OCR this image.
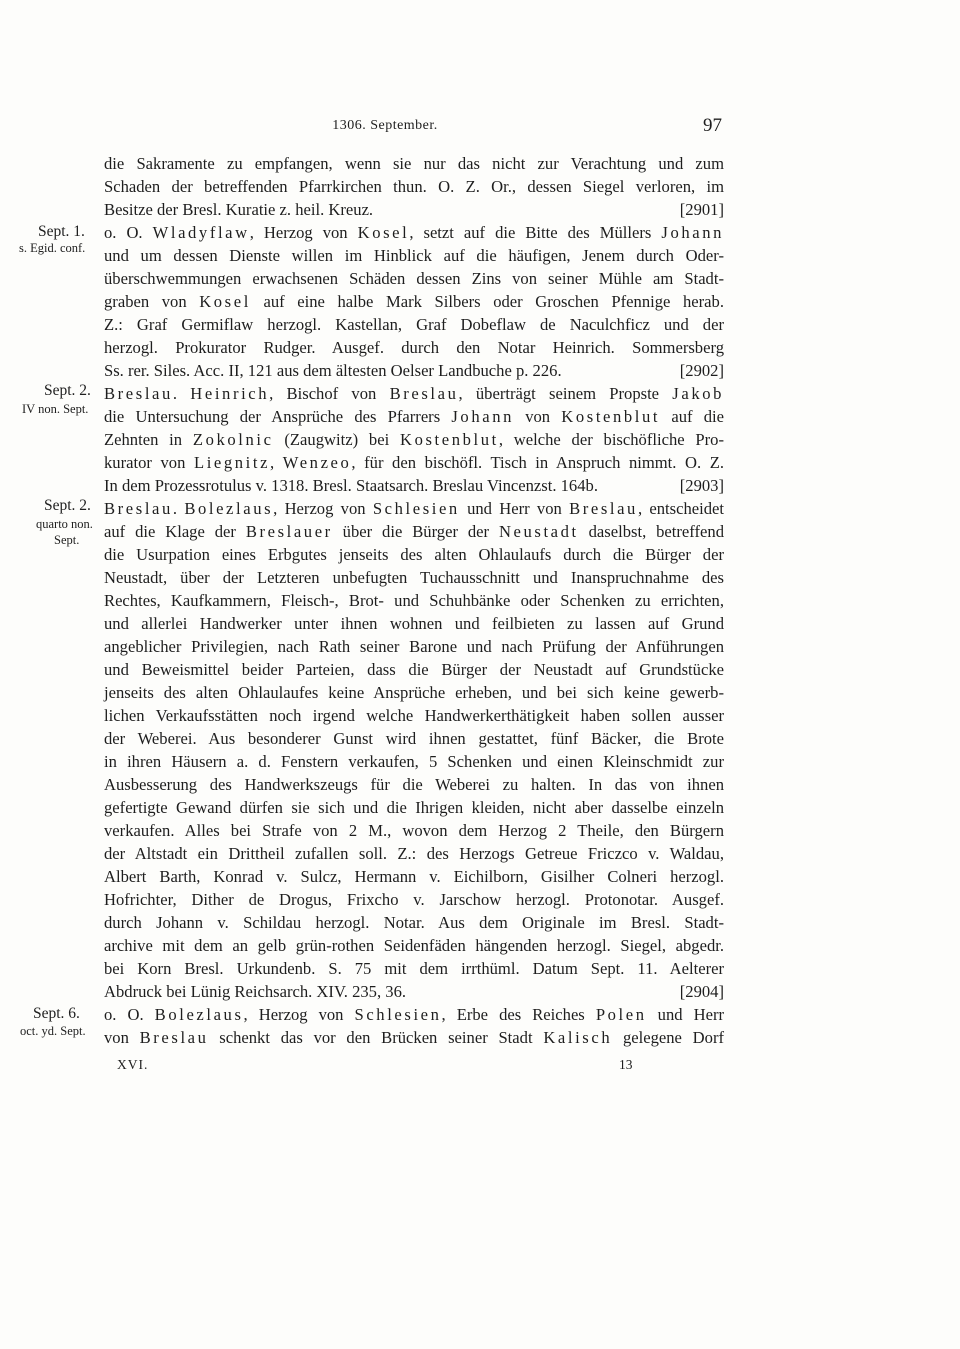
1306. September.	97
die Sakramente zu empfangen, wenn sie nur das nicht zur Verachtung und zum
Schaden der betreffenden Pfarrkirchen thun. O. Z. Or., dessen Siegel verloren, im
Besitze der Bresl. Kuratie z. heil. Kreuz.	[2901]
o. O. Wladyflaw, Herzog von Kosel, setzt auf die Bitte des Müllers Johann
und um dessen Dienste willen im Hinblick auf die häufigen, Jenem durch Oder-
überschwemmungen erwachsenen Schäden dessen Zins von seiner Mühle am Stadt-
graben von Kosel auf eine halbe Mark Silbers oder Groschen Pfennige herab.
Z.: Graf Germiflaw herzogl. Kastellan, Graf Dobeflaw de Naculchficz und der
herzogl. Prokurator Rudger. Ausgef. durch den Notar Heinrich. Sommersberg
Ss. rer. Siles. Acc. II, 121 aus dem ältesten Oelser Landbuche p. 226.	[2902]
Breslau. Heinrich, Bischof von Breslau, überträgt seinem Propste Jakob
die Untersuchung der Ansprüche des Pfarrers Johann von Kostenblut auf die
Zehnten in Zokolnic (Zaugwitz) bei Kostenblut, welche der bischöfliche Pro-
kurator von Liegnitz, Wenzeo, für den bischöfl. Tisch in Anspruch nimmt. O. Z.
In dem Prozessrotulus v. 1318. Bresl. Staatsarch. Breslau Vincenzst. 164b.	[2903]
Breslau. Bolezlaus, Herzog von Schlesien und Herr von Breslau, entscheidet
auf die Klage der Breslauer über die Bürger der Neustadt daselbst, betreffend
die Usurpation eines Erbgutes jenseits des alten Ohlaulaufs durch die Bürger der
Neustadt, über der Letzteren unbefugten Tuchausschnitt und Inanspruchnahme des
Rechtes, Kaufkammern, Fleisch-, Brot- und Schuhbänke oder Schenken zu errichten,
und allerlei Handwerker unter ihnen wohnen und feilbieten zu lassen auf Grund
angeblicher Privilegien, nach Rath seiner Barone und nach Prüfung der Anführungen
und Beweismittel beider Parteien, dass die Bürger der Neustadt auf Grundstücke
jenseits des alten Ohlaulaufes keine Ansprüche erheben, und bei sich keine gewerb-
lichen Verkaufsstätten noch irgend welche Handwerkerthätigkeit haben sollen ausser
der Weberei. Aus besonderer Gunst wird ihnen gestattet, fünf Bäcker, die Brote
in ihren Häusern a. d. Fenstern verkaufen, 5 Schenken und einen Kleinschmidt zur
Ausbesserung des Handwerkszeugs für die Weberei zu halten. In das von ihnen
gefertigte Gewand dürfen sie sich und die Ihrigen kleiden, nicht aber dasselbe einzeln
verkaufen. Alles bei Strafe von 2 M., wovon dem Herzog 2 Theile, den Bürgern
der Altstadt ein Drittheil zufallen soll. Z.: des Herzogs Getreue Friczco v. Waldau,
Albert Barth, Konrad v. Sulcz, Hermann v. Eichilborn, Gisilher Colneri herzogl.
Hofrichter, Dither de Drogus, Frixcho v. Jarschow herzogl. Protonotar. Ausgef.
durch Johann v. Schildau herzogl. Notar. Aus dem Originale im Bresl. Stadt-
archive mit dem an gelb grün-rothen Seidenfäden hängenden herzogl. Siegel, abgedr.
bei Korn Bresl. Urkundenb. S. 75 mit dem irrthüml. Datum Sept. 11. Aelterer
Abdruck bei Lünig Reichsarch. XIV. 235, 36.	[2904]
o. O. Bolezlaus, Herzog von Schlesien, Erbe des Reiches Polen und Herr
von Breslau schenkt das vor den Brücken seiner Stadt Kalisch gelegene Dorf
Sept. 1.
s. Egid. conf.
Sept. 2.
IV non. Sept.
Sept. 2.
quarto non.
Sept.
Sept. 6.
oct. yd. Sept.
XVI.	13
